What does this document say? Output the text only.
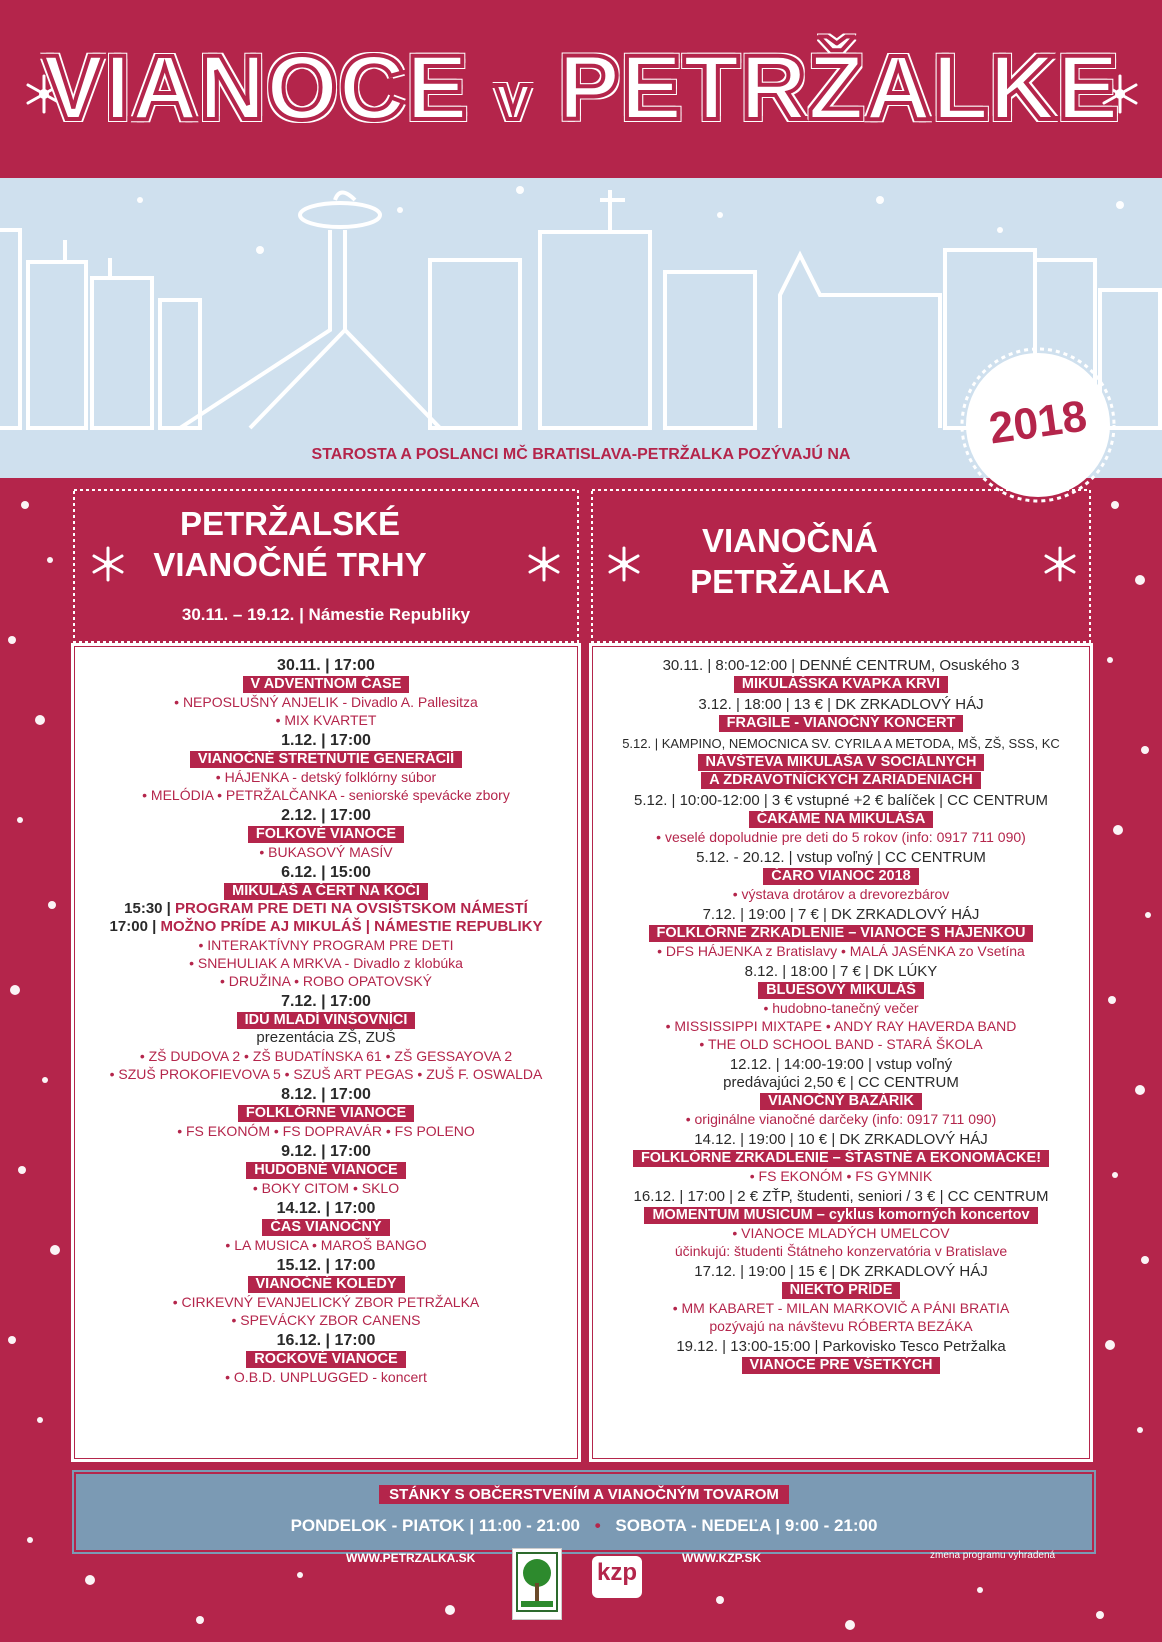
VIANOCE v PETRŽALKE
STAROSTA A POSLANCI MČ BRATISLAVA-PETRŽALKA POZÝVAJÚ NA
2018
PETRŽALSKÉ
VIANOČNÉ TRHY
30.11. – 19.12. | Námestie Republiky
VIANOČNÁ
PETRŽALKA
30.11. | 17:00
V ADVENTNOM ČASE
• NEPOSLUŠNÝ ANJELIK - Divadlo A. Pallesitza
• MIX KVARTET
1.12. | 17:00
VIANOČNÉ STRETNUTIE GENERÁCIÍ
• HÁJENKA - detský folklórny súbor
• MELÓDIA • PETRŽALČANKA - seniorské spevácke zbory
2.12. | 17:00
FOLKOVÉ VIANOCE
• BUKASOVÝ MASÍV
6.12. | 15:00
MIKULÁŠ A ČERT NA KOČI
15:30 | PROGRAM PRE DETI NA OVSIŠTSKOM NÁMESTÍ
17:00 | MOŽNO PRÍDE AJ MIKULÁŠ | NÁMESTIE REPUBLIKY
• INTERAKTÍVNY PROGRAM PRE DETI
• SNEHULIAK A MRKVA - Divadlo z klobúka
• DRUŽINA • ROBO OPATOVSKÝ
7.12. | 17:00
IDÚ MLADÍ VINŠOVNÍCI
prezentácia ZŠ, ZUŠ
• ZŠ DUDOVA 2 • ZŠ BUDATÍNSKA 61 • ZŠ GESSAYOVA 2
• SZUŠ PROKOFIEVOVA 5 • SZUŠ ART PEGAS • ZUŠ F. OSWALDA
8.12. | 17:00
FOLKLÓRNE VIANOCE
• FS EKONÓM • FS DOPRAVÁR • FS POLENO
9.12. | 17:00
HUDOBNÉ VIANOCE
• BOKY CITOM • SKLO
14.12. | 17:00
ČAS VIANOČNÝ
• LA MUSICA • MAROŠ BANGO
15.12. | 17:00
VIANOČNÉ KOLEDY
• CIRKEVNÝ EVANJELICKÝ ZBOR PETRŽALKA
• SPEVÁCKY ZBOR CANENS
16.12. | 17:00
ROCKOVÉ VIANOCE
• O.B.D. UNPLUGGED - koncert
30.11. | 8:00-12:00 | DENNÉ CENTRUM, Osuského 3
MIKULÁŠSKA KVAPKA KRVI
3.12. | 18:00 | 13 € | DK ZRKADLOVÝ HÁJ
FRAGILE - VIANOČNÝ KONCERT
5.12. | KAMPINO, NEMOCNICA SV. CYRILA A METODA, MŠ, ZŠ, SSS, KC
NÁVŠTEVA MIKULÁŠA V SOCIÁLNYCH
A ZDRAVOTNÍCKYCH ZARIADENIACH
5.12. | 10:00-12:00 | 3 € vstupné +2 € balíček | CC CENTRUM
ČAKÁME NA MIKULÁŠA
• veselé dopoludnie pre deti do 5 rokov (info: 0917 711 090)
5.12. - 20.12. | vstup voľný | CC CENTRUM
ČARO VIANOC 2018
• výstava drotárov a drevorezbárov
7.12. | 19:00 | 7 € | DK ZRKADLOVÝ HÁJ
FOLKLÓRNE ZRKADLENIE – VIANOCE S HÁJENKOU
• DFS HÁJENKA z Bratislavy • MALÁ JASÉNKA zo Vsetína
8.12. | 18:00 | 7 € | DK LÚKY
BLUESOVÝ MIKULÁŠ
• hudobno-tanečný večer
• MISSISSIPPI MIXTAPE • ANDY RAY HAVERDA BAND
• THE OLD SCHOOL BAND - STARÁ ŠKOLA
12.12. | 14:00-19:00 | vstup voľný
predávajúci 2,50 € | CC CENTRUM
VIANOČNÝ BAZÁRIK
• originálne vianočné darčeky (info: 0917 711 090)
14.12. | 19:00 | 10 € | DK ZRKADLOVÝ HÁJ
FOLKLÓRNE ZRKADLENIE – ŠŤASTNÉ A EKONOMÁCKE!
• FS EKONÓM • FS GYMNIK
16.12. | 17:00 | 2 € ZŤP, študenti, seniori / 3 € | CC CENTRUM
MOMENTUM MUSICUM – cyklus komorných koncertov
• VIANOCE MLADÝCH UMELCOV
účinkujú: študenti Štátneho konzervatória v Bratislave
17.12. | 19:00 | 15 € | DK ZRKADLOVÝ HÁJ
NIEKTO PRÍDE
• MM KABARET - MILAN MARKOVIČ A PÁNI BRATIA
pozývajú na návštevu RÓBERTA BEZÁKA
19.12. | 13:00-15:00 | Parkovisko Tesco Petržalka
VIANOCE PRE VŠETKÝCH
STÁNKY S OBČERSTVENÍM A VIANOČNÝM TOVAROM
PONDELOK - PIATOK | 11:00 - 21:00 • SOBOTA - NEDEĽA | 9:00 - 21:00
zmena programu vyhradená
WWW.PETRZALKA.SK
kzp
WWW.KZP.SK
